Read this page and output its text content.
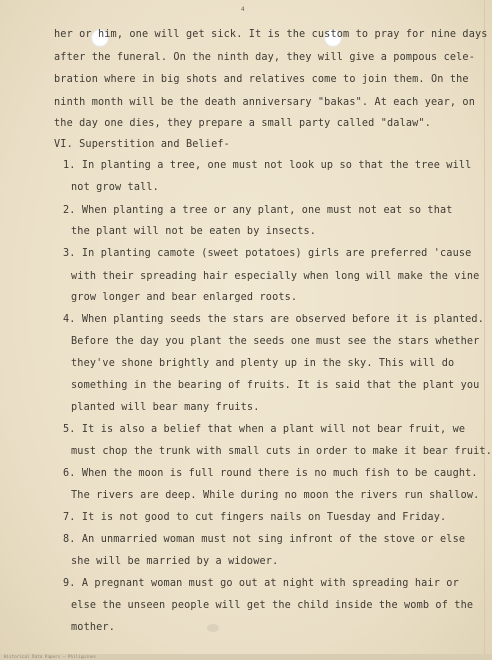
4
her or him, one will get sick. It is the custom to pray for nine days
after the funeral. On the ninth day, they will give a pompous cele-
bration where in big shots and relatives come to join them. On the
ninth month will be the death anniversary "bakas". At each year, on
the day one dies, they prepare a small party called "dalaw".
VI. Superstition and Belief-
1. In planting a tree, one must not look up so that the tree will
not grow tall.
2. When planting a tree or any plant, one must not eat so that
the plant will not be eaten by insects.
3. In planting camote (sweet potatoes) girls are preferred 'cause
with their spreading hair especially when long will make the vine
grow longer and bear enlarged roots.
4. When planting seeds the stars are observed before it is planted.
Before the day you plant the seeds one must see the stars whether
they've shone brightly and plenty up in the sky. This will do
something in the bearing of fruits. It is said that the plant you
planted will bear many fruits.
5. It is also a belief that when a plant will not bear fruit, we
must chop the trunk with small cuts in order to make it bear fruit.
6. When the moon is full round there is no much fish to be caught.
The rivers are deep. While during no moon the rivers run shallow.
7. It is not good to cut fingers nails on Tuesday and Friday.
8. An unmarried woman must not sing infront of the stove or else
she will be married by a widower.
9. A pregnant woman must go out at night with spreading hair or
else the unseen people will get the child inside the womb of the
mother.
Historical Data Papers — Philippines
